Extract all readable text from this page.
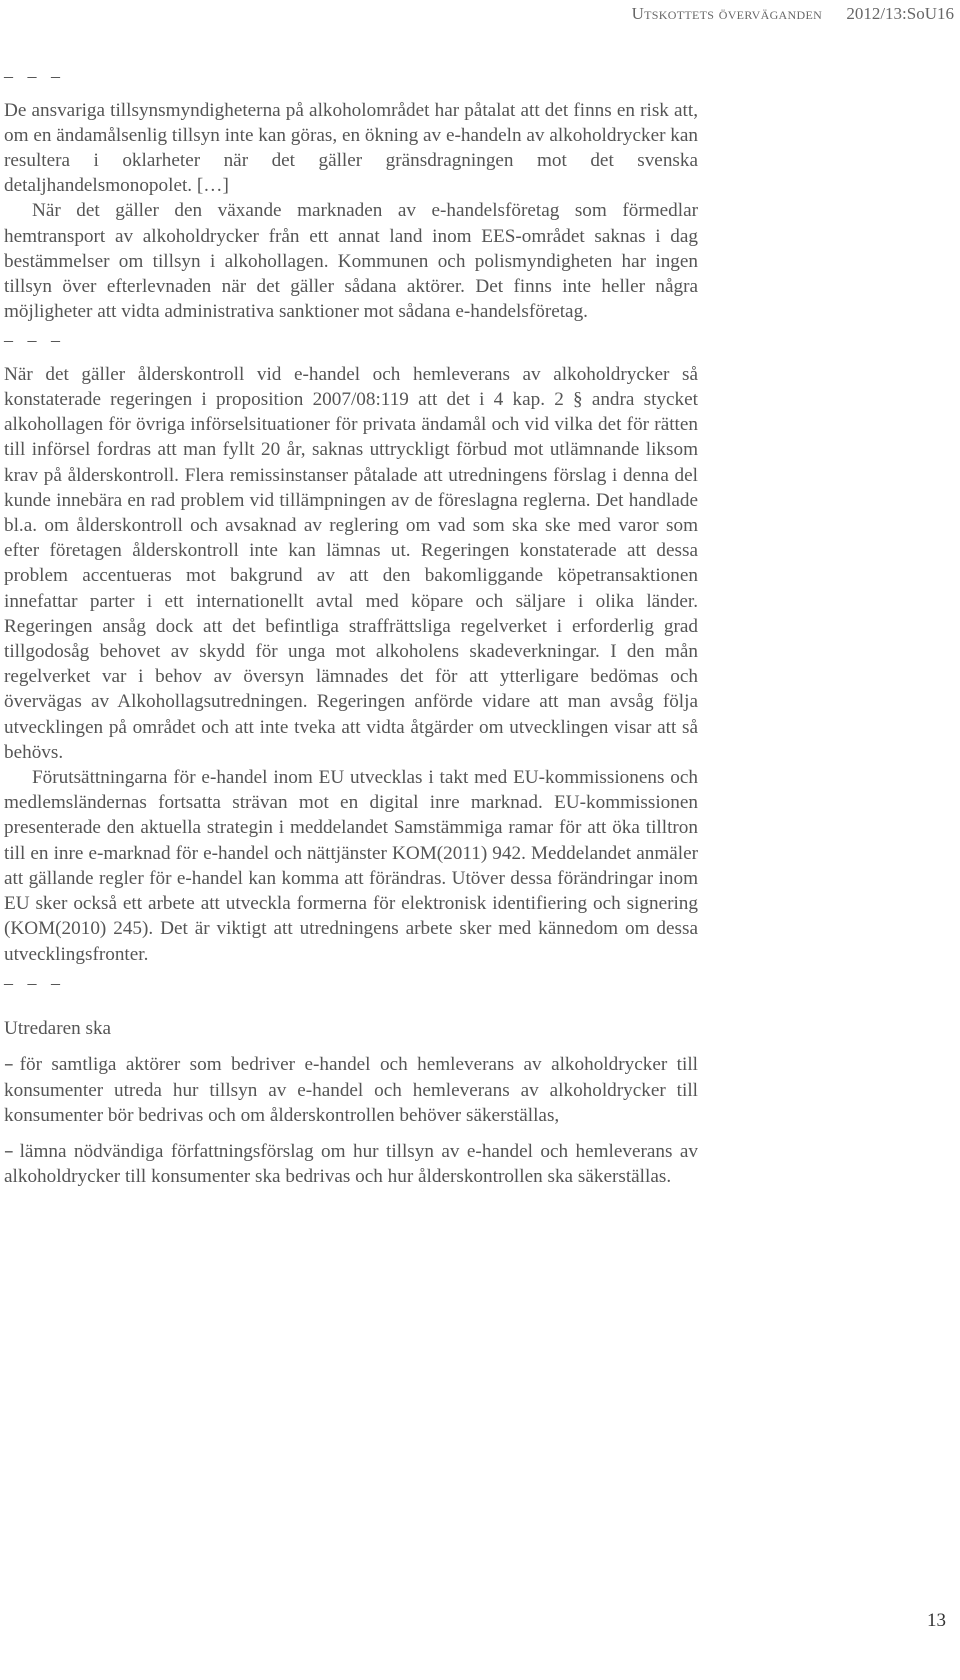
Utskottets överväganden 2012/13:SoU16
– – –

De ansvariga tillsynsmyndigheterna på alkoholområdet har påtalat att det finns en risk att, om en ändamålsenlig tillsyn inte kan göras, en ökning av e-handeln av alkoholdrycker kan resultera i oklarheter när det gäller gränsdragningen mot det svenska detaljhandelsmonopolet. […]

När det gäller den växande marknaden av e-handelsföretag som förmedlar hemtransport av alkoholdrycker från ett annat land inom EES-området saknas i dag bestämmelser om tillsyn i alkohollagen. Kommunen och polismyndigheten har ingen tillsyn över efterlevnaden när det gäller sådana aktörer. Det finns inte heller några möjligheter att vidta administrativa sanktioner mot sådana e-handelsföretag.

– – –

När det gäller ålderskontroll vid e-handel och hemleverans av alkoholdrycker så konstaterade regeringen i proposition 2007/08:119 att det i 4 kap. 2 § andra stycket alkohollagen för övriga införselsituationer för privata ändamål och vid vilka det för rätten till införsel fordras att man fyllt 20 år, saknas uttryckligt förbud mot utlämnande liksom krav på ålderskontroll. Flera remissinstanser påtalade att utredningens förslag i denna del kunde innebära en rad problem vid tillämpningen av de föreslagna reglerna. Det handlade bl.a. om ålderskontroll och avsaknad av reglering om vad som ska ske med varor som efter företagen ålderskontroll inte kan lämnas ut. Regeringen konstaterade att dessa problem accentueras mot bakgrund av att den bakomliggande köpetransaktionen innefattar parter i ett internationellt avtal med köpare och säljare i olika länder. Regeringen ansåg dock att det befintliga straffrättsliga regelverket i erforderlig grad tillgodosåg behovet av skydd för unga mot alkoholens skadeverkningar. I den mån regelverket var i behov av översyn lämnades det för att ytterligare bedömas och övervägas av Alkohollagsutredningen. Regeringen anförde vidare att man avsåg följa utvecklingen på området och att inte tveka att vidta åtgärder om utvecklingen visar att så behövs.

Förutsättningarna för e-handel inom EU utvecklas i takt med EU-kommissionens och medlemsländernas fortsatta strävan mot en digital inre marknad. EU-kommissionen presenterade den aktuella strategin i meddelandet Samstämmiga ramar för att öka tilltron till en inre e-marknad för e-handel och nättjänster KOM(2011) 942. Meddelandet anmäler att gällande regler för e-handel kan komma att förändras. Utöver dessa förändringar inom EU sker också ett arbete att utveckla formerna för elektronisk identifiering och signering (KOM(2010) 245). Det är viktigt att utredningens arbete sker med kännedom om dessa utvecklingsfronter.

– – –

Utredaren ska

– för samtliga aktörer som bedriver e-handel och hemleverans av alkoholdrycker till konsumenter utreda hur tillsyn av e-handel och hemleverans av alkoholdrycker till konsumenter bör bedrivas och om ålderskontrollen behöver säkerställas,

– lämna nödvändiga författningsförslag om hur tillsyn av e-handel och hemleverans av alkoholdrycker till konsumenter ska bedrivas och hur ålderskontrollen ska säkerställas.

13
